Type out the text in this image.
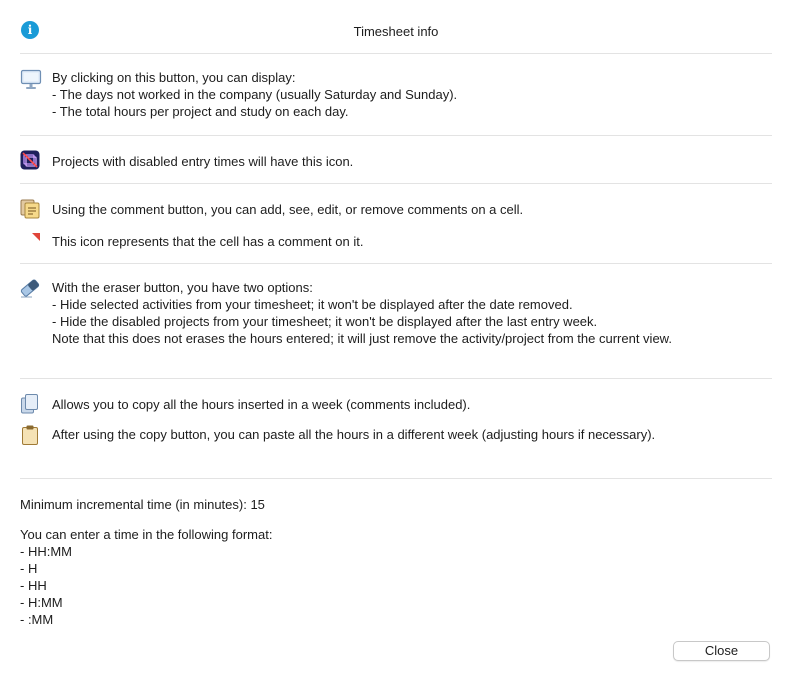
i	Timesheet info
By clicking on this button, you can display:
- The days not worked in the company (usually Saturday and Sunday).
- The total hours per project and study on each day.
Projects with disabled entry times will have this icon.
Using the comment button, you can add, see, edit, or remove comments on a cell.
This icon represents that the cell has a comment on it.
With the eraser button, you have two options:
- Hide selected activities from your timesheet; it won't be displayed after the date removed.
- Hide the disabled projects from your timesheet; it won't be displayed after the last entry week.
Note that this does not erases the hours entered; it will just remove the activity/project from the current view.
Allows you to copy all the hours inserted in a week (comments included).
After using the copy button, you can paste all the hours in a different week (adjusting hours if necessary).
Minimum incremental time (in minutes): 15
You can enter a time in the following format:
- HH:MM
- H
- HH
- H:MM
- :MM
Close
